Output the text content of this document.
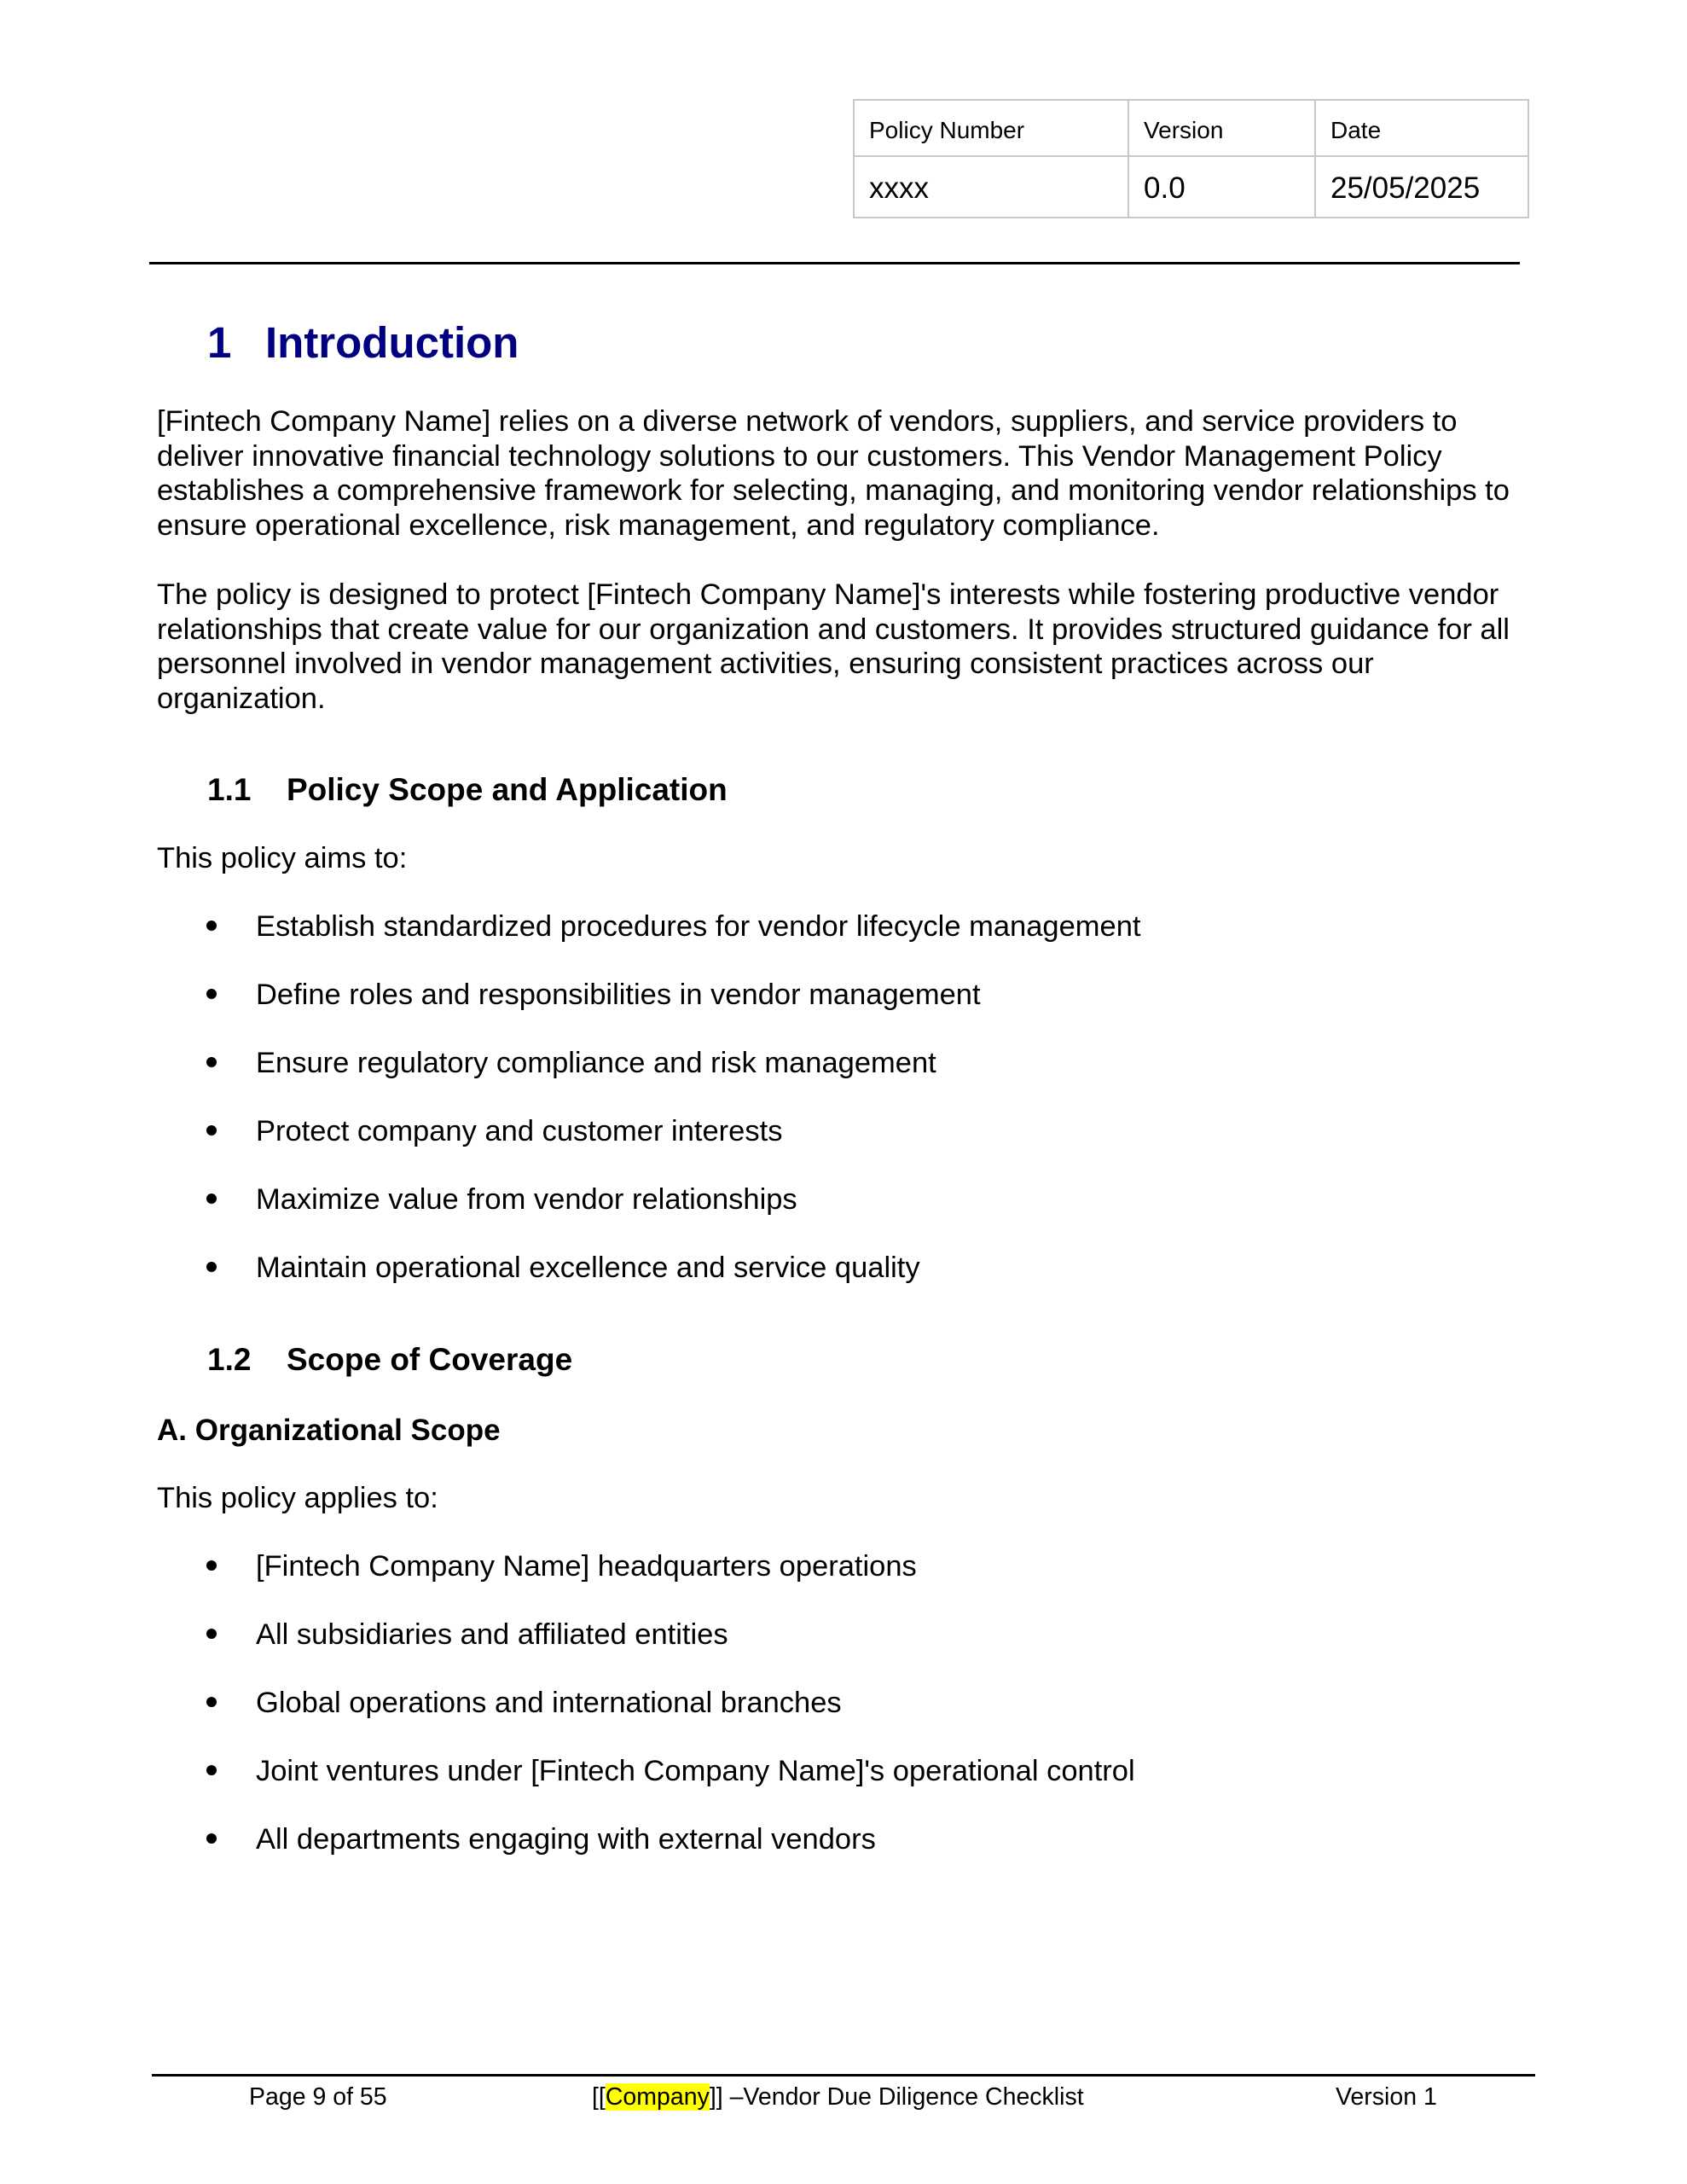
Policy Number	Version	Date
xxxx	0.0	25/05/2025
1 Introduction
[Fintech Company Name] relies on a diverse network of vendors, suppliers, and service providers to deliver innovative financial technology solutions to our customers. This Vendor Management Policy establishes a comprehensive framework for selecting, managing, and monitoring vendor relationships to ensure operational excellence, risk management, and regulatory compliance.
The policy is designed to protect [Fintech Company Name]'s interests while fostering productive vendor relationships that create value for our organization and customers. It provides structured guidance for all personnel involved in vendor management activities, ensuring consistent practices across our organization.
1.1 Policy Scope and Application
This policy aims to:
Establish standardized procedures for vendor lifecycle management
Define roles and responsibilities in vendor management
Ensure regulatory compliance and risk management
Protect company and customer interests
Maximize value from vendor relationships
Maintain operational excellence and service quality
1.2 Scope of Coverage
A. Organizational Scope
This policy applies to:
[Fintech Company Name] headquarters operations
All subsidiaries and affiliated entities
Global operations and international branches
Joint ventures under [Fintech Company Name]'s operational control
All departments engaging with external vendors
Page 9 of 55	[[Company]] –Vendor Due Diligence Checklist	Version 1
